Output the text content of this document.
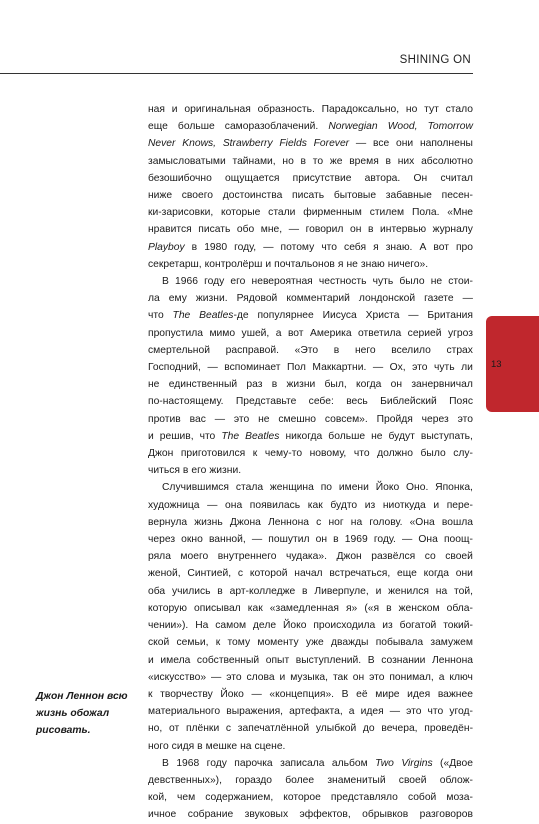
SHINING ON
13
ная и оригинальная образность. Парадоксально, но тут стало
еще больше саморазоблачений. Norwegian Wood, Tomorrow
Never Knows, Strawberry Fields Forever — все они наполнены
замысловатыми тайнами, но в то же время в них абсолютно
безошибочно ощущается присутствие автора. Он считал
ниже своего достоинства писать бытовые забавные песен-
ки-зарисовки, которые стали фирменным стилем Пола. «Мне
нравится писать обо мне, — говорил он в интервью журналу
Playboy в 1980 году, — потому что себя я знаю. А вот про
секретарш, контролёрш и почтальонов я не знаю ничего».
В 1966 году его невероятная честность чуть было не стои-
ла ему жизни. Рядовой комментарий лондонской газете —
что The Beatles-де популярнее Иисуса Христа — Британия
пропустила мимо ушей, а вот Америка ответила серией угроз
смертельной расправой. «Это в него вселило страх
Господний, — вспоминает Пол Маккартни. — Ох, это чуть ли
не единственный раз в жизни был, когда он занервничал
по-настоящему. Представьте себе: весь Библейский Пояс
против вас — это не смешно совсем». Пройдя через это
и решив, что The Beatles никогда больше не будут выступать,
Джон приготовился к чему-то новому, что должно было слу-
читься в его жизни.
Случившимся стала женщина по имени Йоко Оно. Японка,
художница — она появилась как будто из ниоткуда и пере-
вернула жизнь Джона Леннона с ног на голову. «Она вошла
через окно ванной, — пошутил он в 1969 году. — Она поощ-
ряла моего внутреннего чудака». Джон развёлся со своей
женой, Синтией, с которой начал встречаться, еще когда они
оба учились в арт-колледже в Ливерпуле, и женился на той,
которую описывал как «замедленная я» («я в женском обла-
чении»). На самом деле Йоко происходила из богатой токий-
ской семьи, к тому моменту уже дважды побывала замужем
и имела собственный опыт выступлений. В сознании Леннона
«искусство» — это слова и музыка, так он это понимал, а ключ
к творчеству Йоко — «концепция». В её мире идея важнее
материального выражения, артефакта, а идея — это что угод-
но, от плёнки с запечатлённой улыбкой до вечера, проведён-
ного сидя в мешке на сцене.
В 1968 году парочка записала альбом Two Virgins («Двое
девственных»), гораздо более знаменитый своей облож-
кой, чем содержанием, которое представляло собой моза-
ичное собрание звуковых эффектов, обрывков разговоров
Джон Леннон всю
жизнь обожал
рисовать.
